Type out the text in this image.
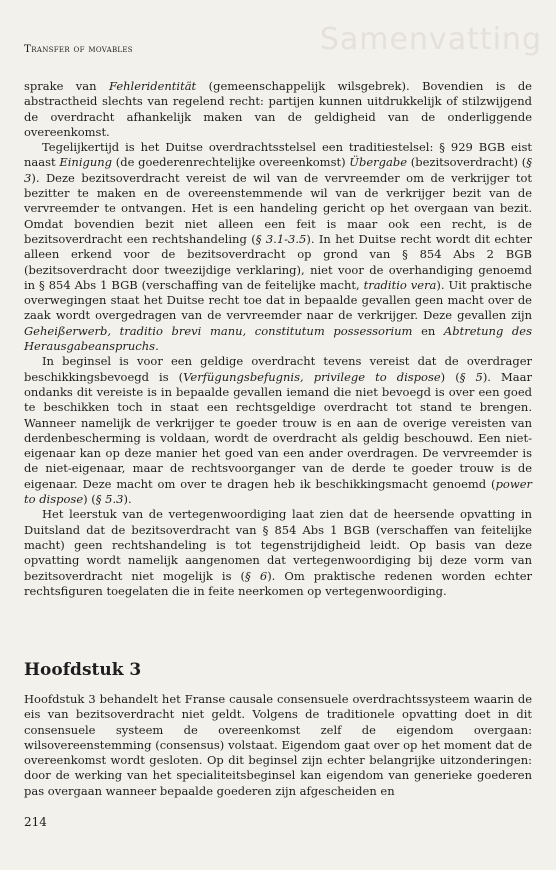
Samenvatting
Transfer of movables

sprake van Fehleridentität (gemeenschappelijk wilsgebrek). Bovendien is de abstractheid slechts van regelend recht: partijen kunnen uitdrukkelijk of stilzwijgend de overdracht afhankelijk maken van de geldigheid van de onderliggende overeenkomst.

Tegelijkertijd is het Duitse overdrachtsstelsel een traditiestelsel: § 929 BGB eist naast Einigung (de goederenrechtelijke overeenkomst) Übergabe (bezitsoverdracht) (§ 3). Deze bezitsoverdracht vereist de wil van de vervreemder om de verkrijger tot bezitter te maken en de overeenstemmende wil van de verkrijger bezit van de vervreemder te ontvangen. Het is een handeling gericht op het overgaan van bezit. Omdat bovendien bezit niet alleen een feit is maar ook een recht, is de bezitsoverdracht een rechtshandeling (§ 3.1-3.5). In het Duitse recht wordt dit echter alleen erkend voor de bezitsoverdracht op grond van § 854 Abs 2 BGB (bezitsoverdracht door tweezijdige verklaring), niet voor de overhandiging genoemd in § 854 Abs 1 BGB (verschaffing van de feitelijke macht, traditio vera). Uit praktische overwegingen staat het Duitse recht toe dat in bepaalde gevallen geen macht over de zaak wordt overgedragen van de vervreemder naar de verkrijger. Deze gevallen zijn Geheißerwerb, traditio brevi manu, constitutum possessorium en Abtretung des Herausgabeanspruchs.

In beginsel is voor een geldige overdracht tevens vereist dat de overdrager beschikkingsbevoegd is (Verfügungsbefugnis, privilege to dispose) (§ 5). Maar ondanks dit vereiste is in bepaalde gevallen iemand die niet bevoegd is over een goed te beschikken toch in staat een rechtsgeldige overdracht tot stand te brengen. Wanneer namelijk de verkrijger te goeder trouw is en aan de overige vereisten van derdenbescherming is voldaan, wordt de overdracht als geldig beschouwd. Een niet-eigenaar kan op deze manier het goed van een ander overdragen. De vervreemder is de niet-eigenaar, maar de rechtsvoorganger van de derde te goeder trouw is de eigenaar. Deze macht om over te dragen heb ik beschikkingsmacht genoemd (power to dispose) (§ 5.3).

Het leerstuk van de vertegenwoordiging laat zien dat de heersende opvatting in Duitsland dat de bezitsoverdracht van § 854 Abs 1 BGB (verschaffen van feitelijke macht) geen rechtshandeling is tot tegenstrijdigheid leidt. Op basis van deze opvatting wordt namelijk aangenomen dat vertegenwoordiging bij deze vorm van bezitsoverdracht niet mogelijk is (§ 6). Om praktische redenen worden echter rechtsfiguren toegelaten die in feite neerkomen op vertegenwoordiging.

Hoofdstuk 3

Hoofdstuk 3 behandelt het Franse causale consensuele overdrachtssysteem waarin de eis van bezitsoverdracht niet geldt. Volgens de traditionele opvatting doet in dit consensuele systeem de overeenkomst zelf de eigendom overgaan: wilsovereenstemming (consensus) volstaat. Eigendom gaat over op het moment dat de overeenkomst wordt gesloten. Op dit beginsel zijn echter belangrijke uitzonderingen: door de werking van het specialiteitsbeginsel kan eigendom van generieke goederen pas overgaan wanneer bepaalde goederen zijn afgescheiden en

214
